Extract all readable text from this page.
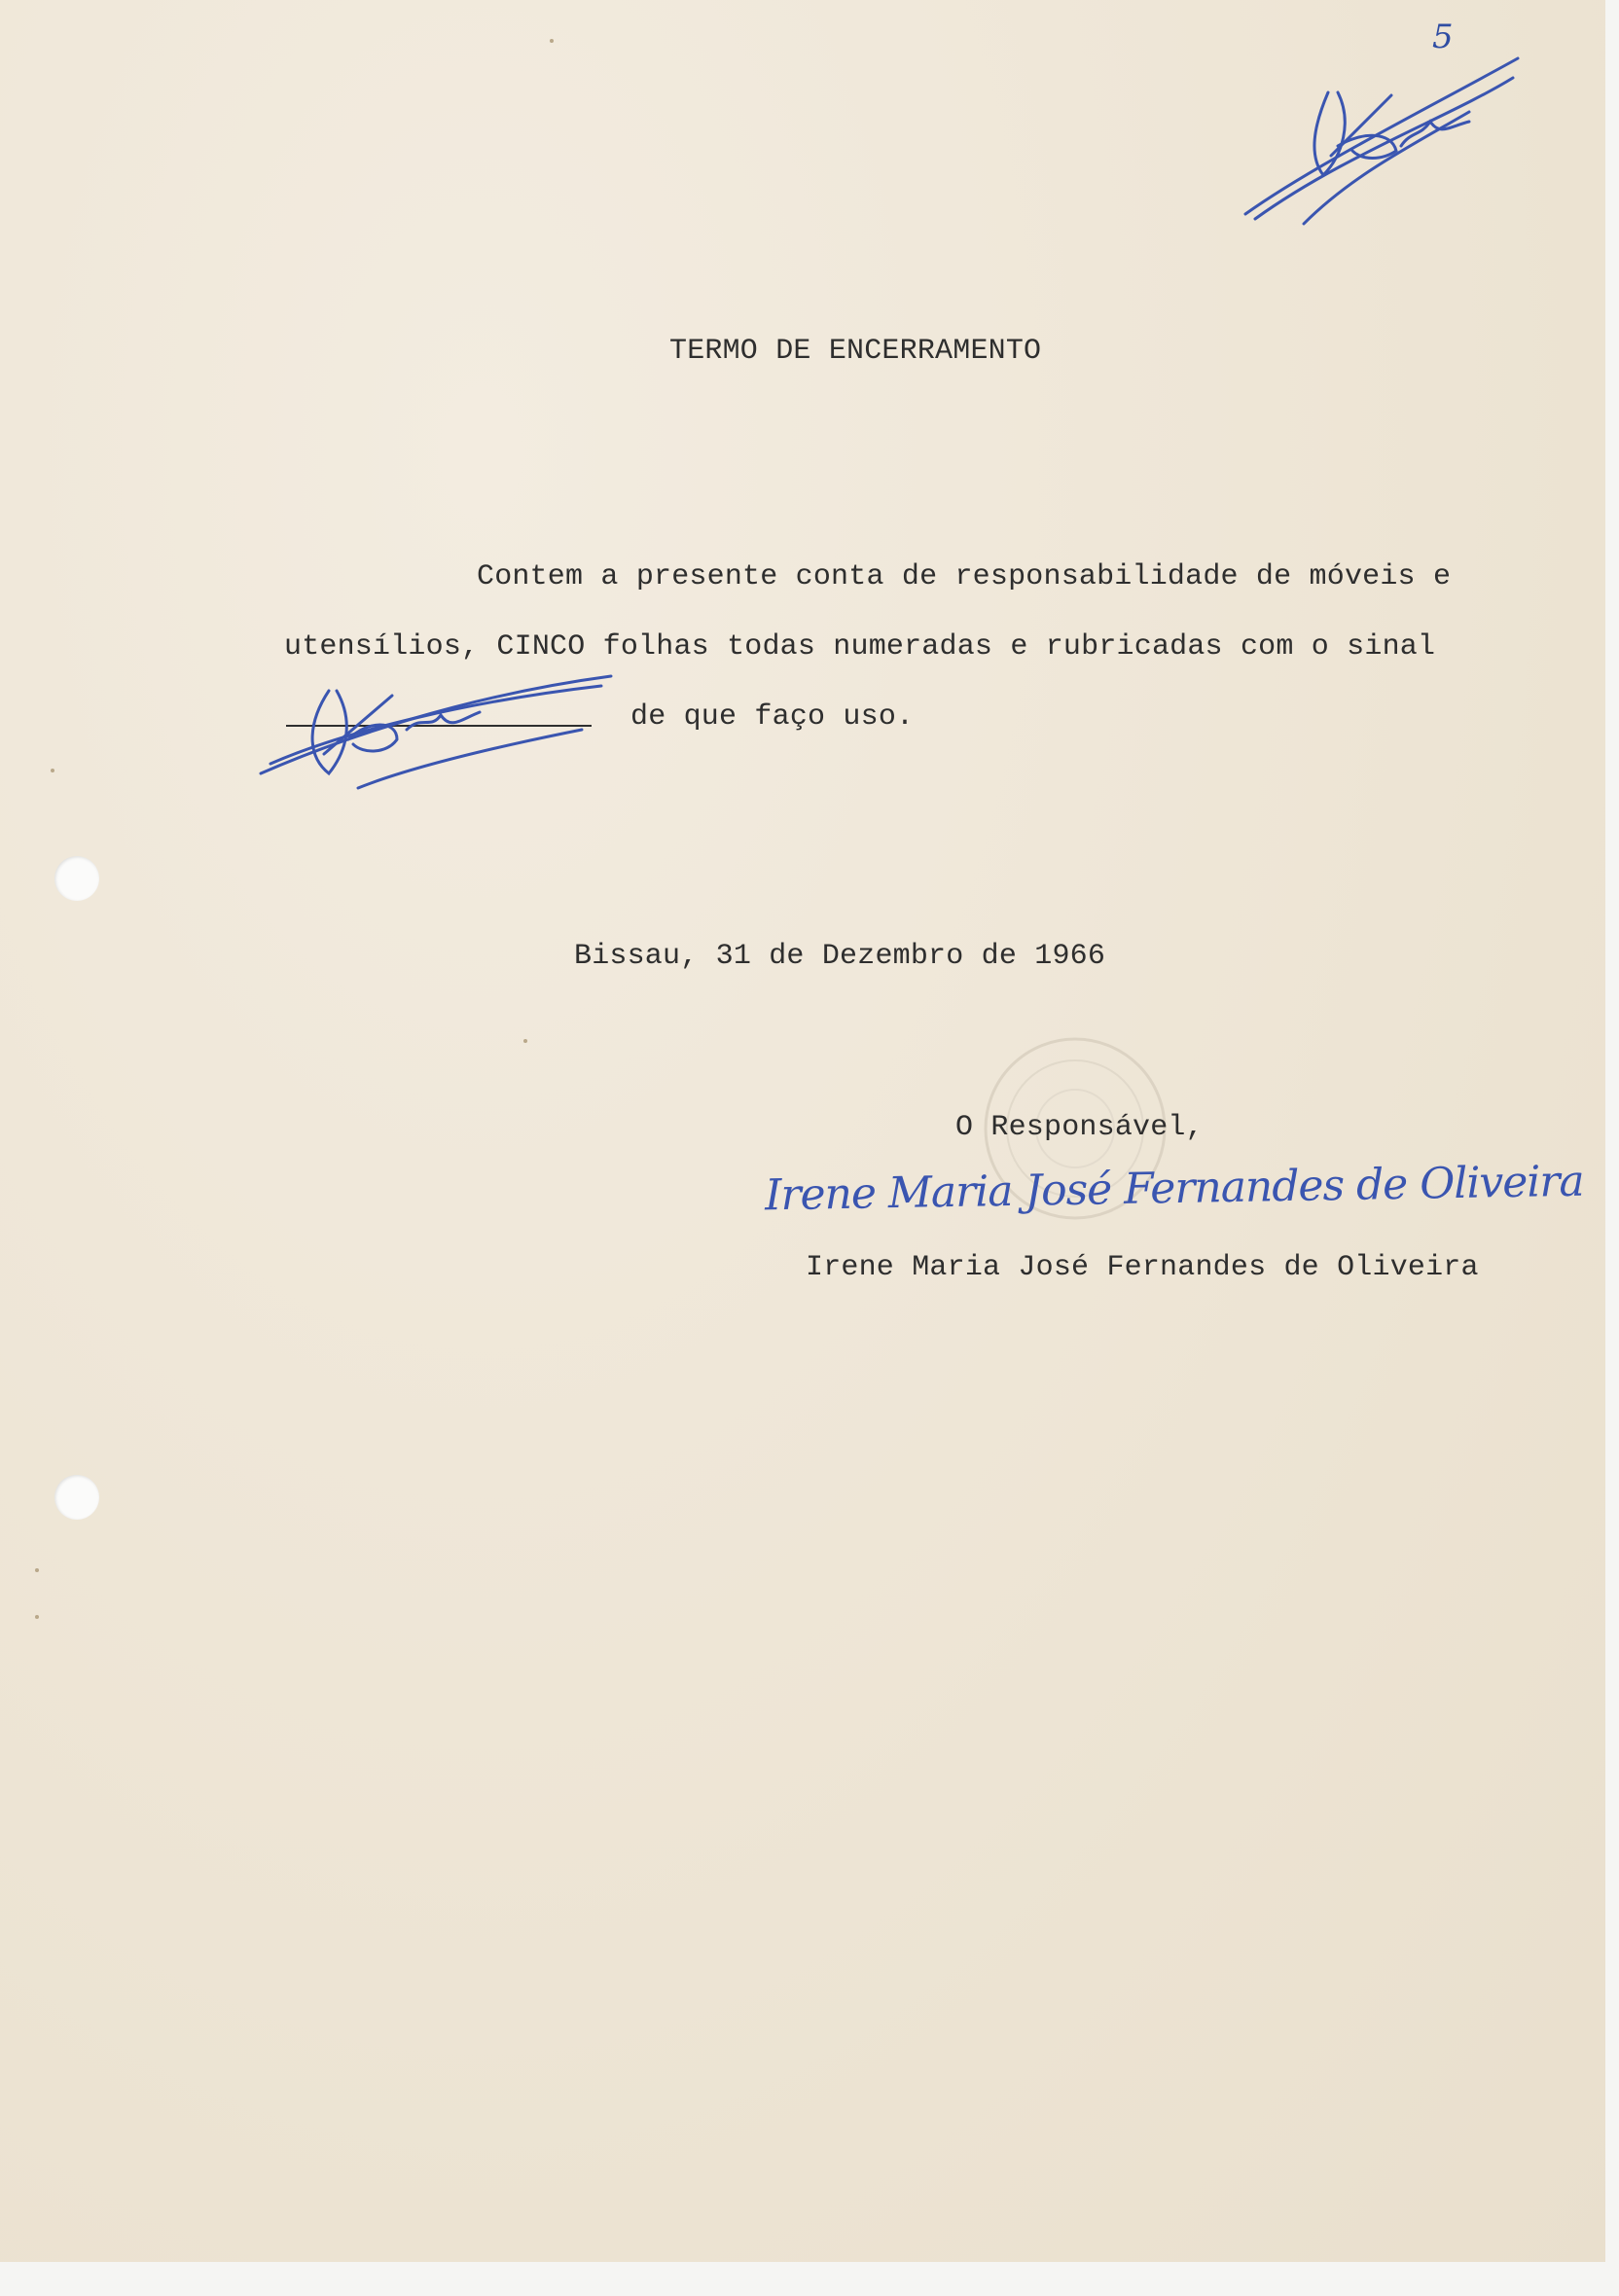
5
TERMO DE ENCERRAMENTO
Contem a presente conta de responsabilidade de móveis e
utensílios, CINCO folhas todas numeradas e rubricadas com o sinal
de que faço uso.
Bissau, 31 de Dezembro de 1966
O Responsável,
Irene Maria José Fernandes de Oliveira
Irene Maria José Fernandes de Oliveira
